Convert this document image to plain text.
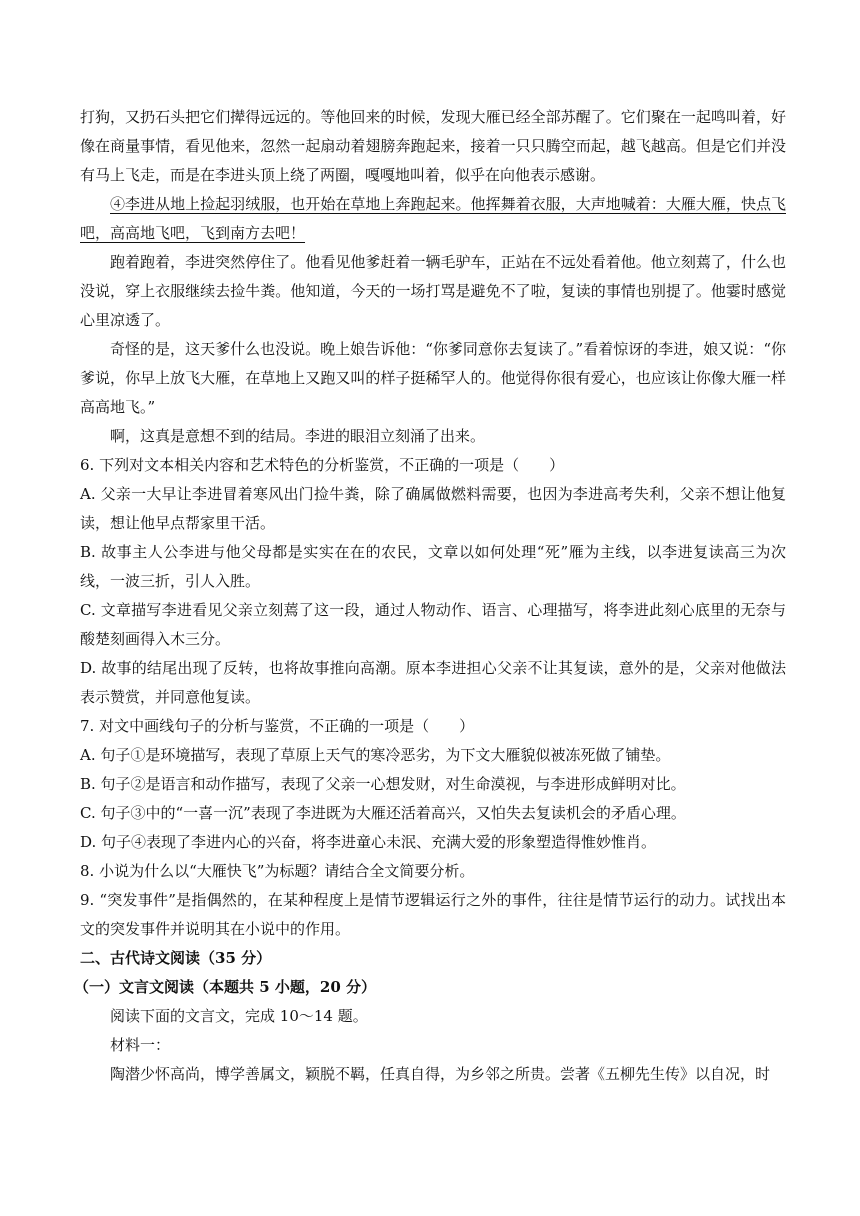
打狗，又扔石头把它们撵得远远的。等他回来的时候，发现大雁已经全部苏醒了。它们聚在一起鸣叫着，好像在商量事情，看见他来，忽然一起扇动着翅膀奔跑起来，接着一只只腾空而起，越飞越高。但是它们并没有马上飞走，而是在李进头顶上绕了两圈，嘎嘎地叫着，似乎在向他表示感谢。

④李进从地上捡起羽绒服，也开始在草地上奔跑起来。他挥舞着衣服，大声地喊着：大雁大雁，快点飞吧，高高地飞吧，飞到南方去吧！

跑着跑着，李进突然停住了。他看见他爹赶着一辆毛驴车，正站在不远处看着他。他立刻蔫了，什么也没说，穿上衣服继续去捡牛粪。他知道，今天的一场打骂是避免不了啦，复读的事情也别提了。他霎时感觉心里凉透了。

奇怪的是，这天爹什么也没说。晚上娘告诉他：“你爹同意你去复读了。”看着惊讶的李进，娘又说：“你爹说，你早上放飞大雁，在草地上又跑又叫的样子挺稀罕人的。他觉得你很有爱心，也应该让你像大雁一样高高地飞。”

啊，这真是意想不到的结局。李进的眼泪立刻涌了出来。

6. 下列对文本相关内容和艺术特色的分析鉴赏，不正确的一项是（　　）

A. 父亲一大早让李进冒着寒风出门捡牛粪，除了确属做燃料需要，也因为李进高考失利，父亲不想让他复读，想让他早点帮家里干活。

B. 故事主人公李进与他父母都是实实在在的农民，文章以如何处理“死”雁为主线，以李进复读高三为次线，一波三折，引人入胜。

C. 文章描写李进看见父亲立刻蔫了这一段，通过人物动作、语言、心理描写，将李进此刻心底里的无奈与酸楚刻画得入木三分。

D. 故事的结尾出现了反转，也将故事推向高潮。原本李进担心父亲不让其复读，意外的是，父亲对他做法表示赞赏，并同意他复读。

7. 对文中画线句子的分析与鉴赏，不正确的一项是（　　）

A. 句子①是环境描写，表现了草原上天气的寒冷恶劣，为下文大雁貌似被冻死做了铺垫。

B. 句子②是语言和动作描写，表现了父亲一心想发财，对生命漠视，与李进形成鲜明对比。

C. 句子③中的“一喜一沉”表现了李进既为大雁还活着高兴，又怕失去复读机会的矛盾心理。

D. 句子④表现了李进内心的兴奋，将李进童心未泯、充满大爱的形象塑造得惟妙惟肖。

8. 小说为什么以“大雁快飞”为标题？请结合全文简要分析。

9. “突发事件”是指偶然的，在某种程度上是情节逻辑运行之外的事件，往往是情节运行的动力。试找出本文的突发事件并说明其在小说中的作用。

二、古代诗文阅读（35 分）

（一）文言文阅读（本题共 5 小题，20 分）

阅读下面的文言文，完成 10～14 题。

材料一：

陶潜少怀高尚，博学善属文，颖脱不羁，任真自得，为乡邻之所贵。尝著《五柳先生传》以自况，时
